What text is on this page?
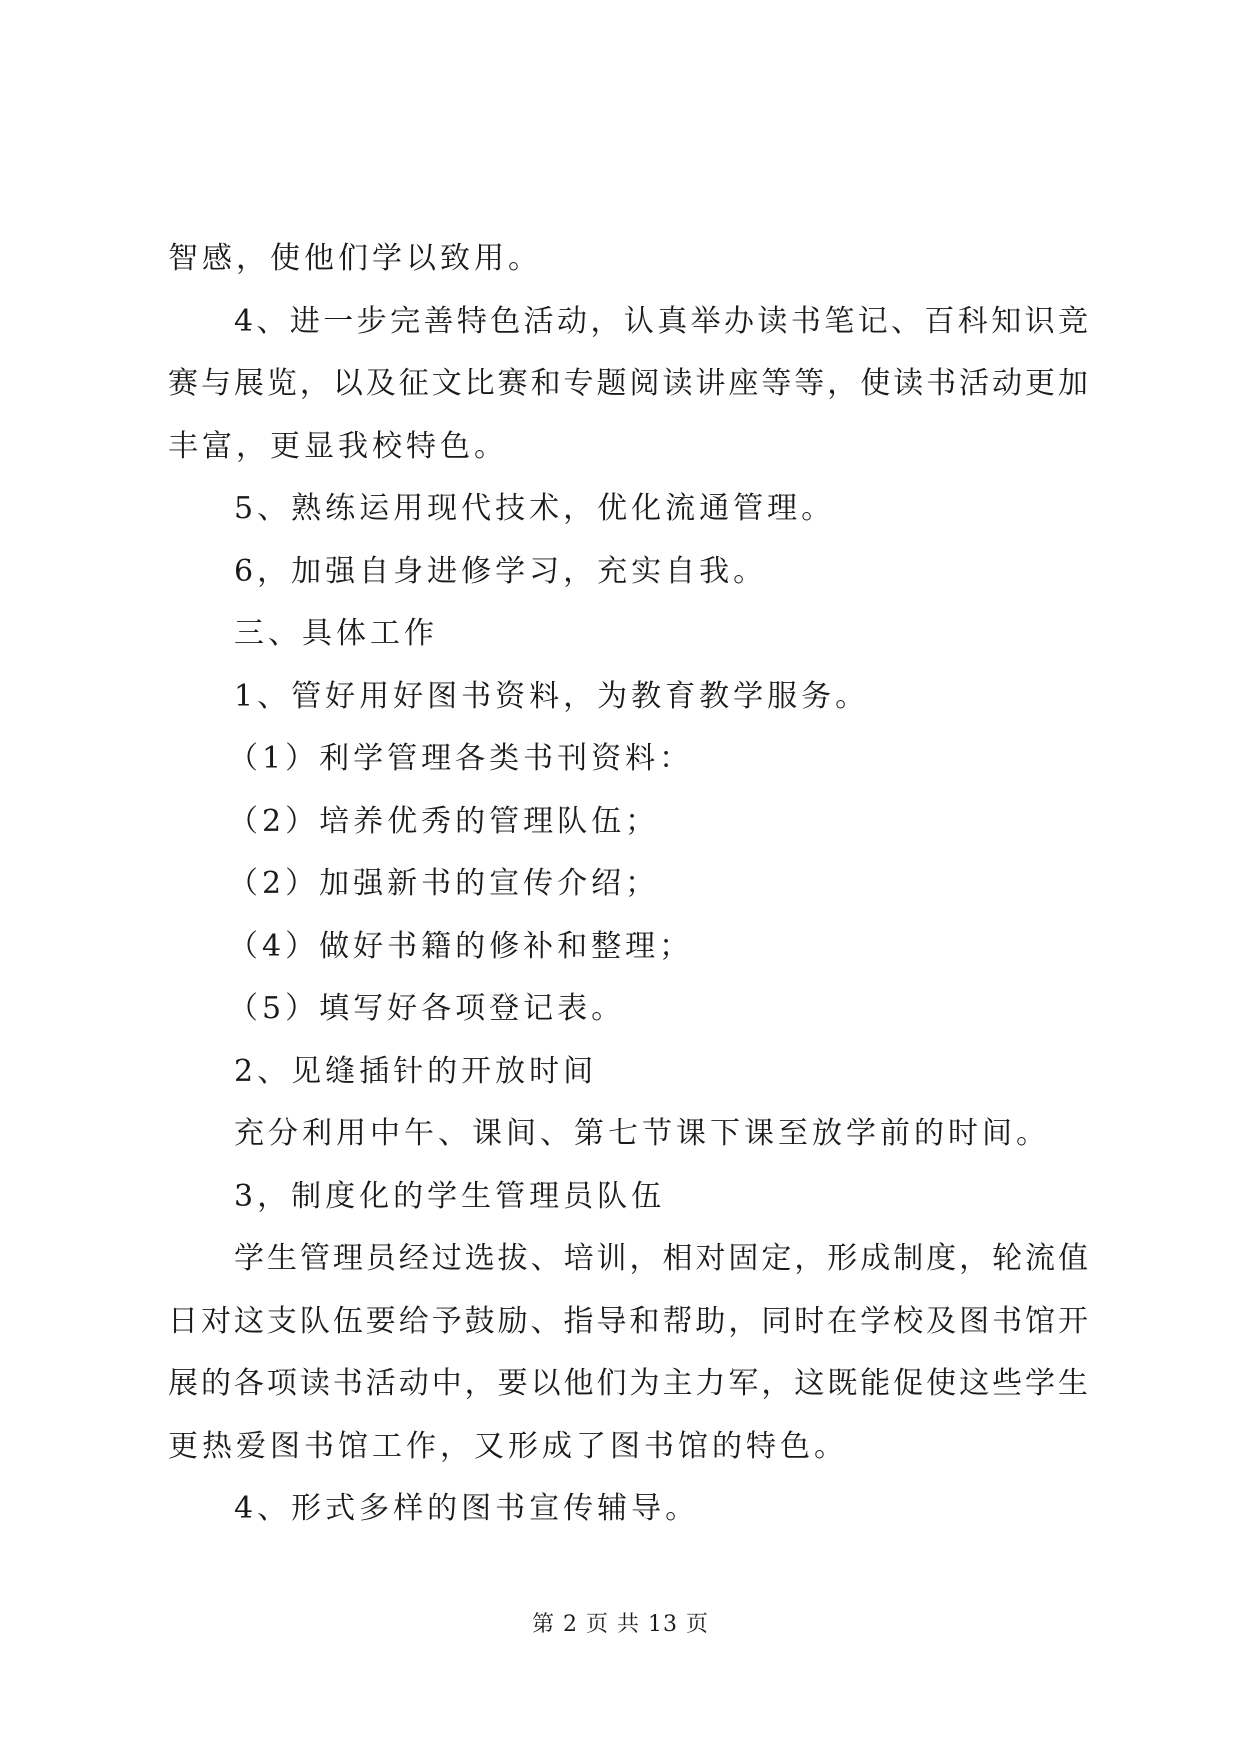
智感，使他们学以致用。
4、进一步完善特色活动，认真举办读书笔记、百科知识竞
赛与展览，以及征文比赛和专题阅读讲座等等，使读书活动更加
丰富，更显我校特色。
5、熟练运用现代技术，优化流通管理。
6，加强自身进修学习，充实自我。
三、具体工作
1、管好用好图书资料，为教育教学服务。
（1）利学管理各类书刊资料：
（2）培养优秀的管理队伍；
（2）加强新书的宣传介绍；
（4）做好书籍的修补和整理；
（5）填写好各项登记表。
2、见缝插针的开放时间
充分利用中午、课间、第七节课下课至放学前的时间。
3，制度化的学生管理员队伍
学生管理员经过选拔、培训，相对固定，形成制度，轮流值
日对这支队伍要给予鼓励、指导和帮助，同时在学校及图书馆开
展的各项读书活动中，要以他们为主力军，这既能促使这些学生
更热爱图书馆工作，又形成了图书馆的特色。
4、形式多样的图书宣传辅导。
第 2 页 共 13 页
